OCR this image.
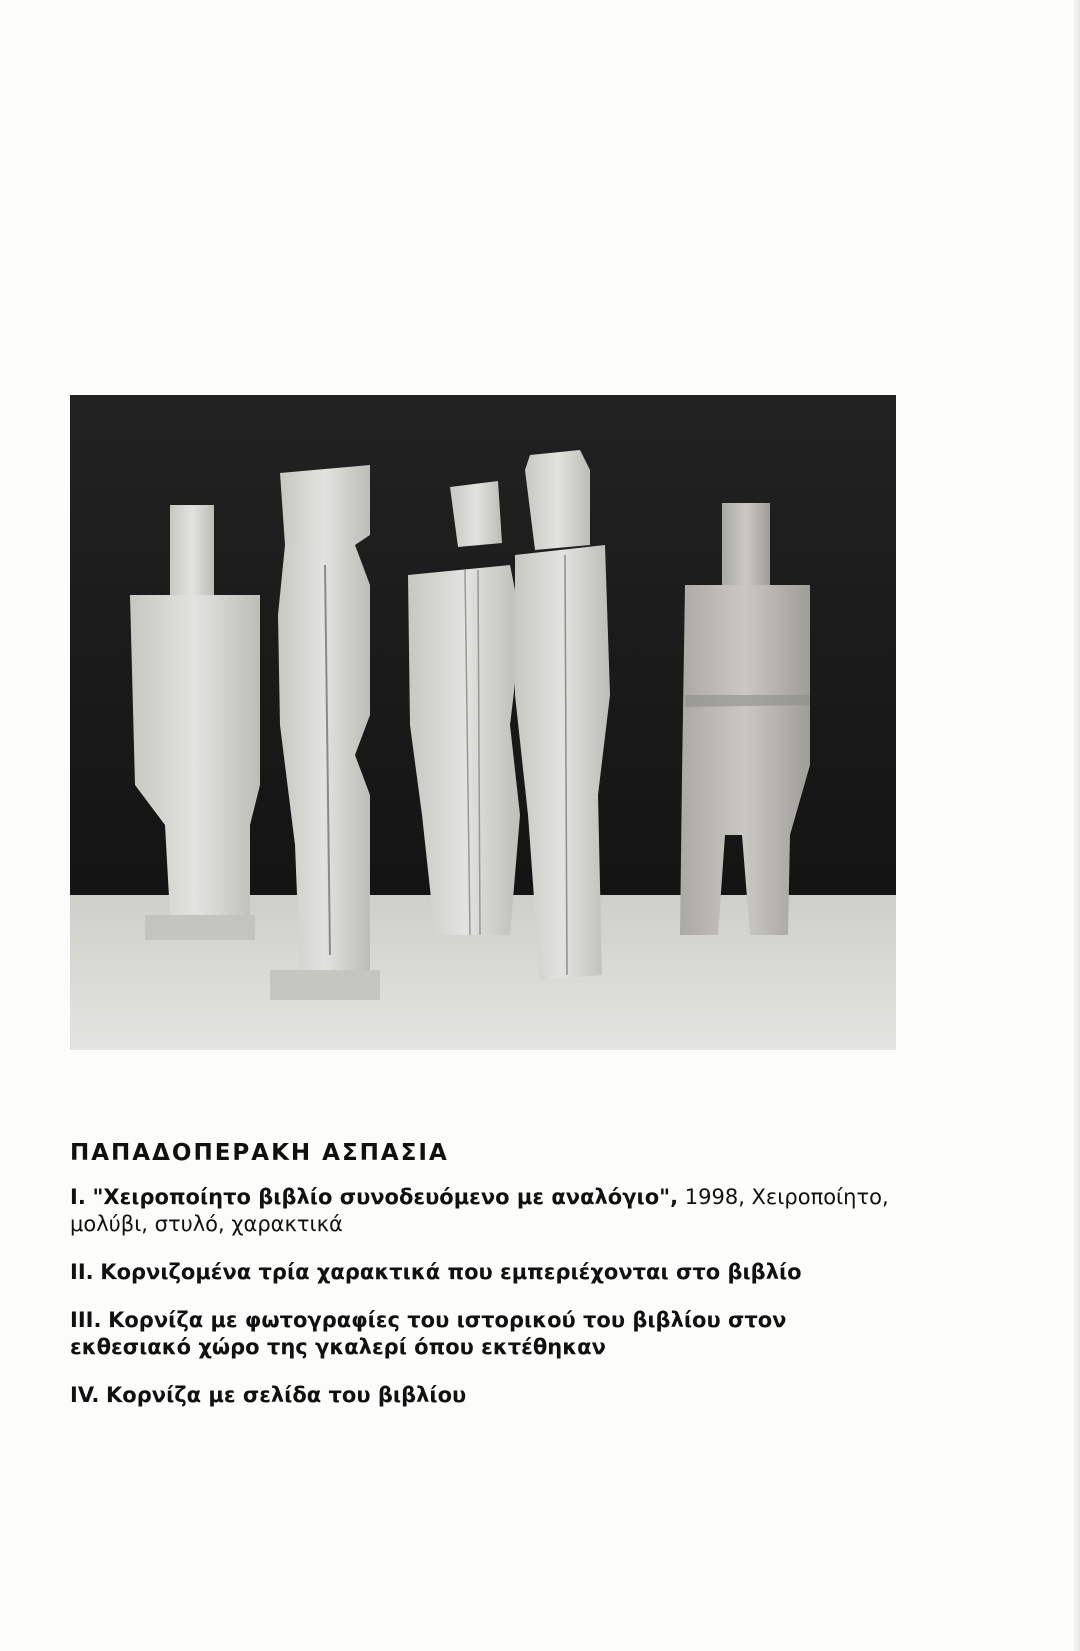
ΠΑΠΑΔΟΠΕΡΑΚΗ ΑΣΠΑΣΙΑ
I. "Χειροποίητο βιβλίο συνοδευόμενο με αναλόγιο", 1998, Χειροποίητο, μολύβι, στυλό, χαρακτικά
II. Κορνιζομένα τρία χαρακτικά που εμπεριέχονται στο βιβλίο
III. Κορνίζα με φωτογραφίες του ιστορικού του βιβλίου στον εκθεσιακό χώρο της γκαλερί όπου εκτέθηκαν
IV. Κορνίζα με σελίδα του βιβλίου
